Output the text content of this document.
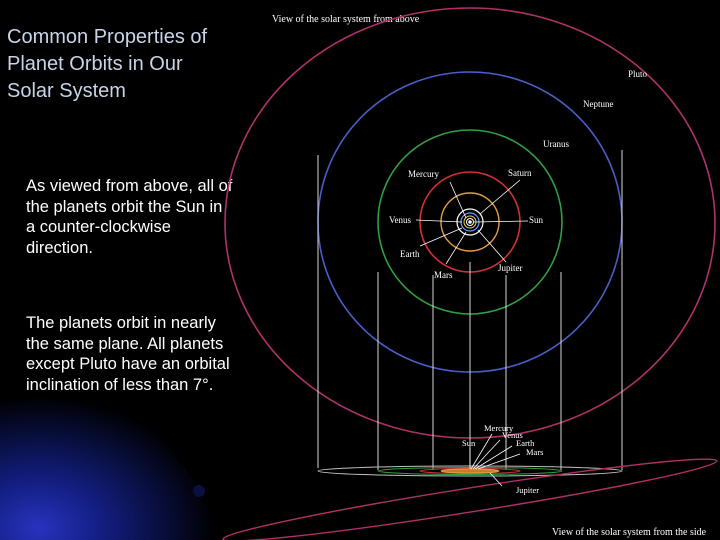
Common Properties of
Planet Orbits in Our
Solar System

As viewed from above, all of
the planets orbit the Sun in
a counter-clockwise
direction.

The planets orbit in nearly
the same plane. All planets
except Pluto have an orbital
inclination of less than 7°.

View of the solar system from above
View of the solar system from the side
Pluto
Neptune
Uranus
Mercury	Saturn
Venus	Sun
Earth
Mars
Jupiter
Mercury
Venus
Sun	Earth
Mars
Jupiter
